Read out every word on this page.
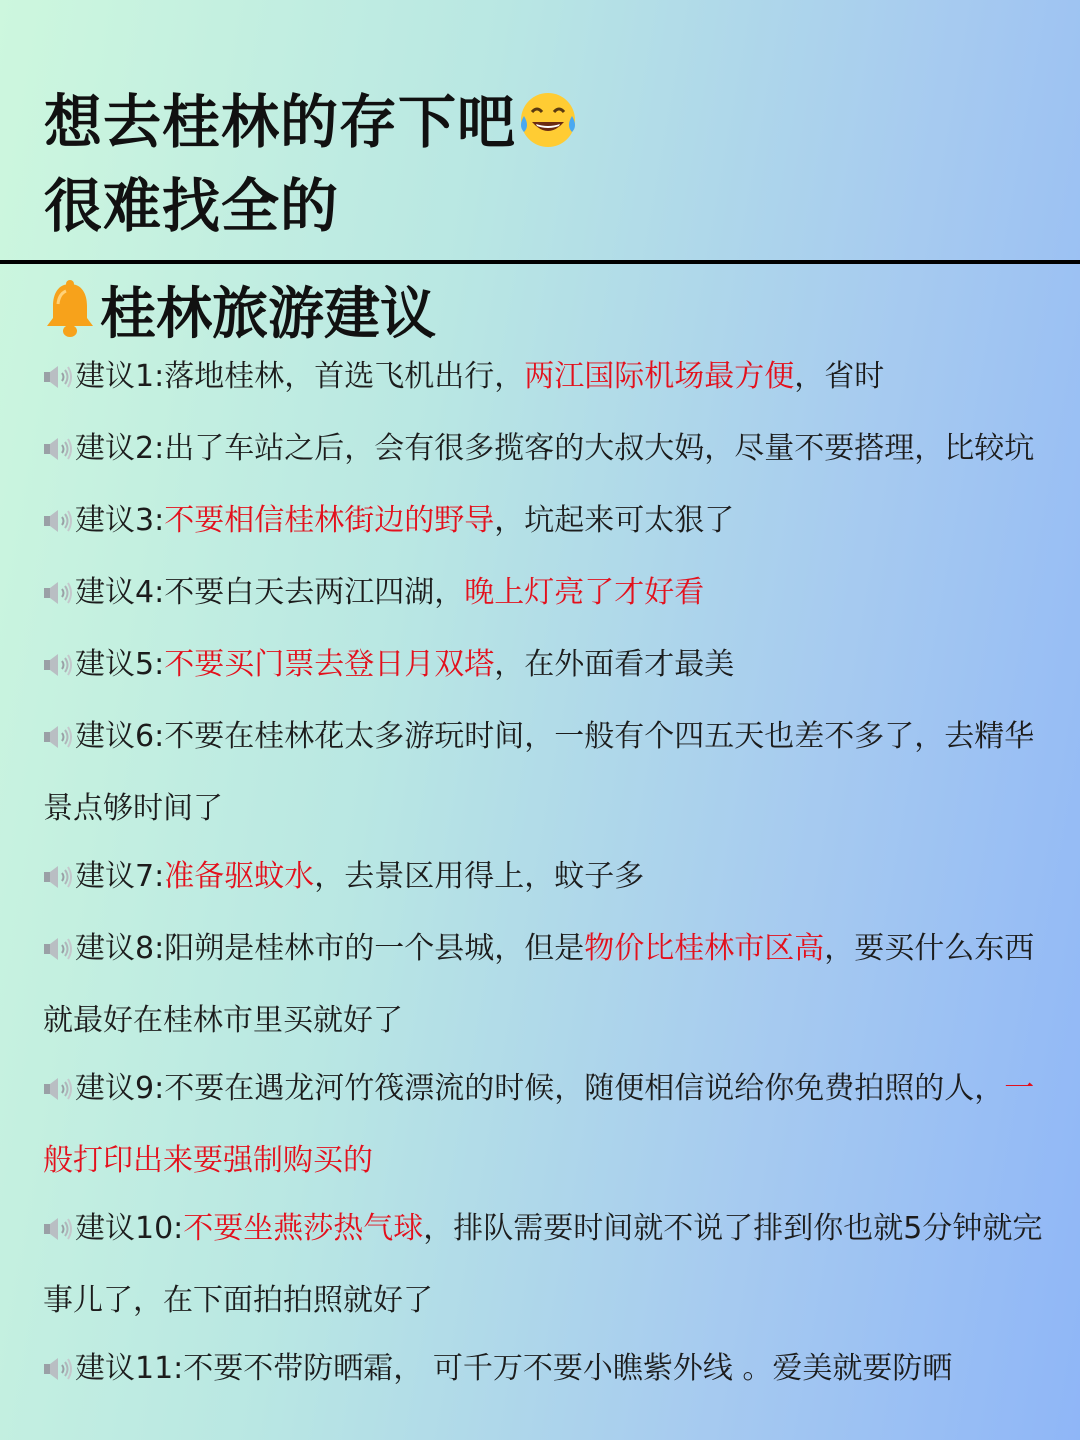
想去桂林的存下吧
很难找全的
桂林旅游建议
建议1:落地桂林，首选飞机出行，两江国际机场最方便，省时
建议2:出了车站之后，会有很多揽客的大叔大妈，尽量不要搭理，比较坑
建议3:不要相信桂林街边的野导，坑起来可太狠了
建议4:不要白天去两江四湖，晚上灯亮了才好看
建议5:不要买门票去登日月双塔，在外面看才最美
建议6:不要在桂林花太多游玩时间，一般有个四五天也差不多了，去精华景点够时间了
建议7:准备驱蚊水，去景区用得上，蚊子多
建议8:阳朔是桂林市的一个县城，但是物价比桂林市区高，要买什么东西就最好在桂林市里买就好了
建议9:不要在遇龙河竹筏漂流的时候，随便相信说给你免费拍照的人，一般打印出来要强制购买的
建议10:不要坐燕莎热气球，排队需要时间就不说了排到你也就5分钟就完事儿了，在下面拍拍照就好了
建议11:不要不带防晒霜， 可千万不要小瞧紫外线 。爱美就要防晒
